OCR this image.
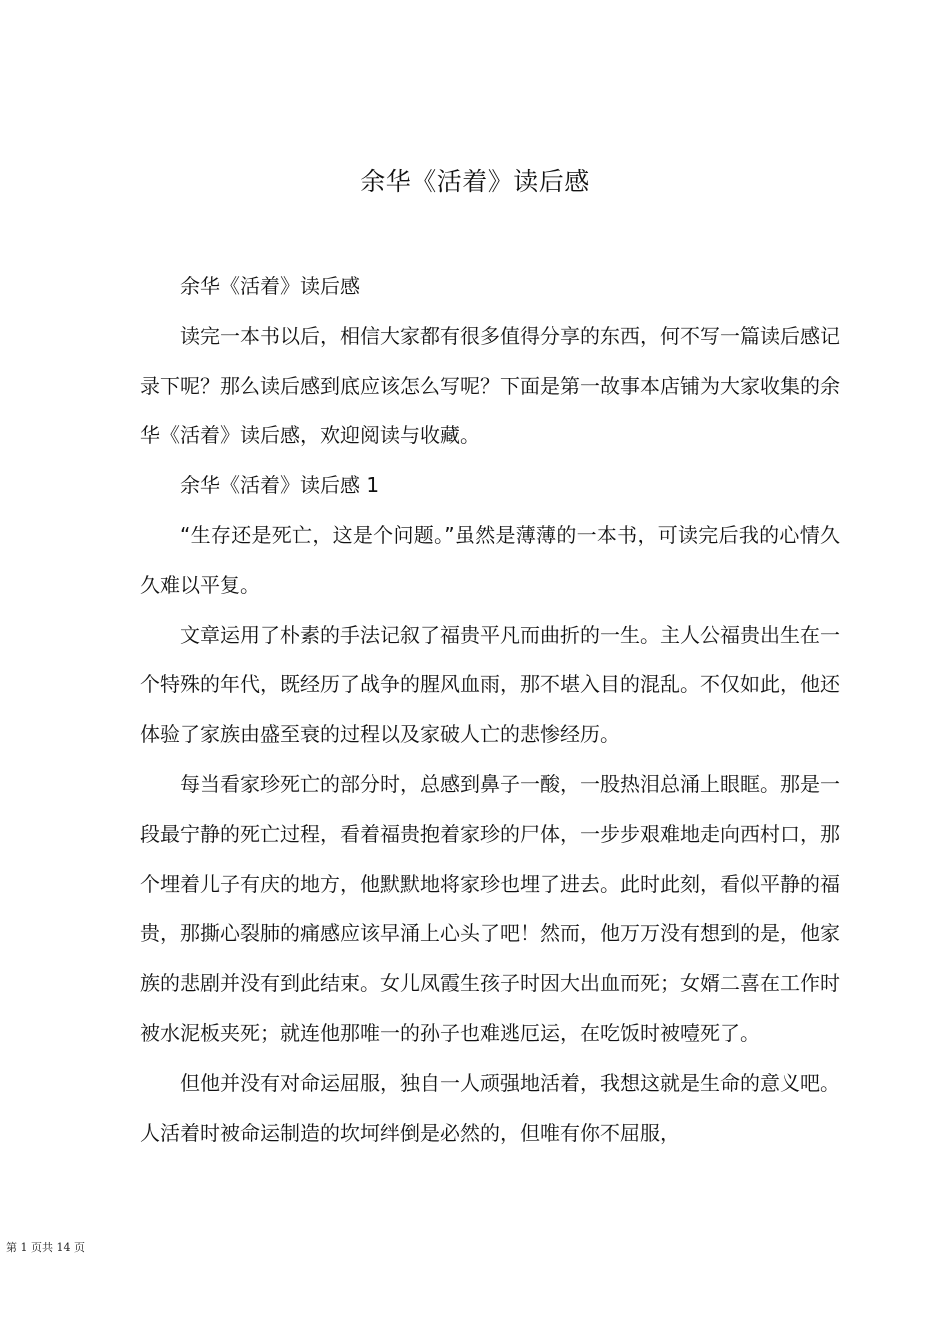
余华《活着》读后感

余华《活着》读后感

读完一本书以后，相信大家都有很多值得分享的东西，何不写一篇读后感记录下呢？那么读后感到底应该怎么写呢？下面是第一故事本店铺为大家收集的余华《活着》读后感，欢迎阅读与收藏。

余华《活着》读后感 1

“生存还是死亡，这是个问题。”虽然是薄薄的一本书，可读完后我的心情久久难以平复。

文章运用了朴素的手法记叙了福贵平凡而曲折的一生。主人公福贵出生在一个特殊的年代，既经历了战争的腥风血雨，那不堪入目的混乱。不仅如此，他还体验了家族由盛至衰的过程以及家破人亡的悲惨经历。

每当看家珍死亡的部分时，总感到鼻子一酸，一股热泪总涌上眼眶。那是一段最宁静的死亡过程，看着福贵抱着家珍的尸体，一步步艰难地走向西村口，那个埋着儿子有庆的地方，他默默地将家珍也埋了进去。此时此刻，看似平静的福贵，那撕心裂肺的痛感应该早涌上心头了吧！然而，他万万没有想到的是，他家族的悲剧并没有到此结束。女儿凤霞生孩子时因大出血而死；女婿二喜在工作时被水泥板夹死；就连他那唯一的孙子也难逃厄运，在吃饭时被噎死了。

但他并没有对命运屈服，独自一人顽强地活着，我想这就是生命的意义吧。人活着时被命运制造的坎坷绊倒是必然的，但唯有你不屈服，

第 1 页共 14 页
